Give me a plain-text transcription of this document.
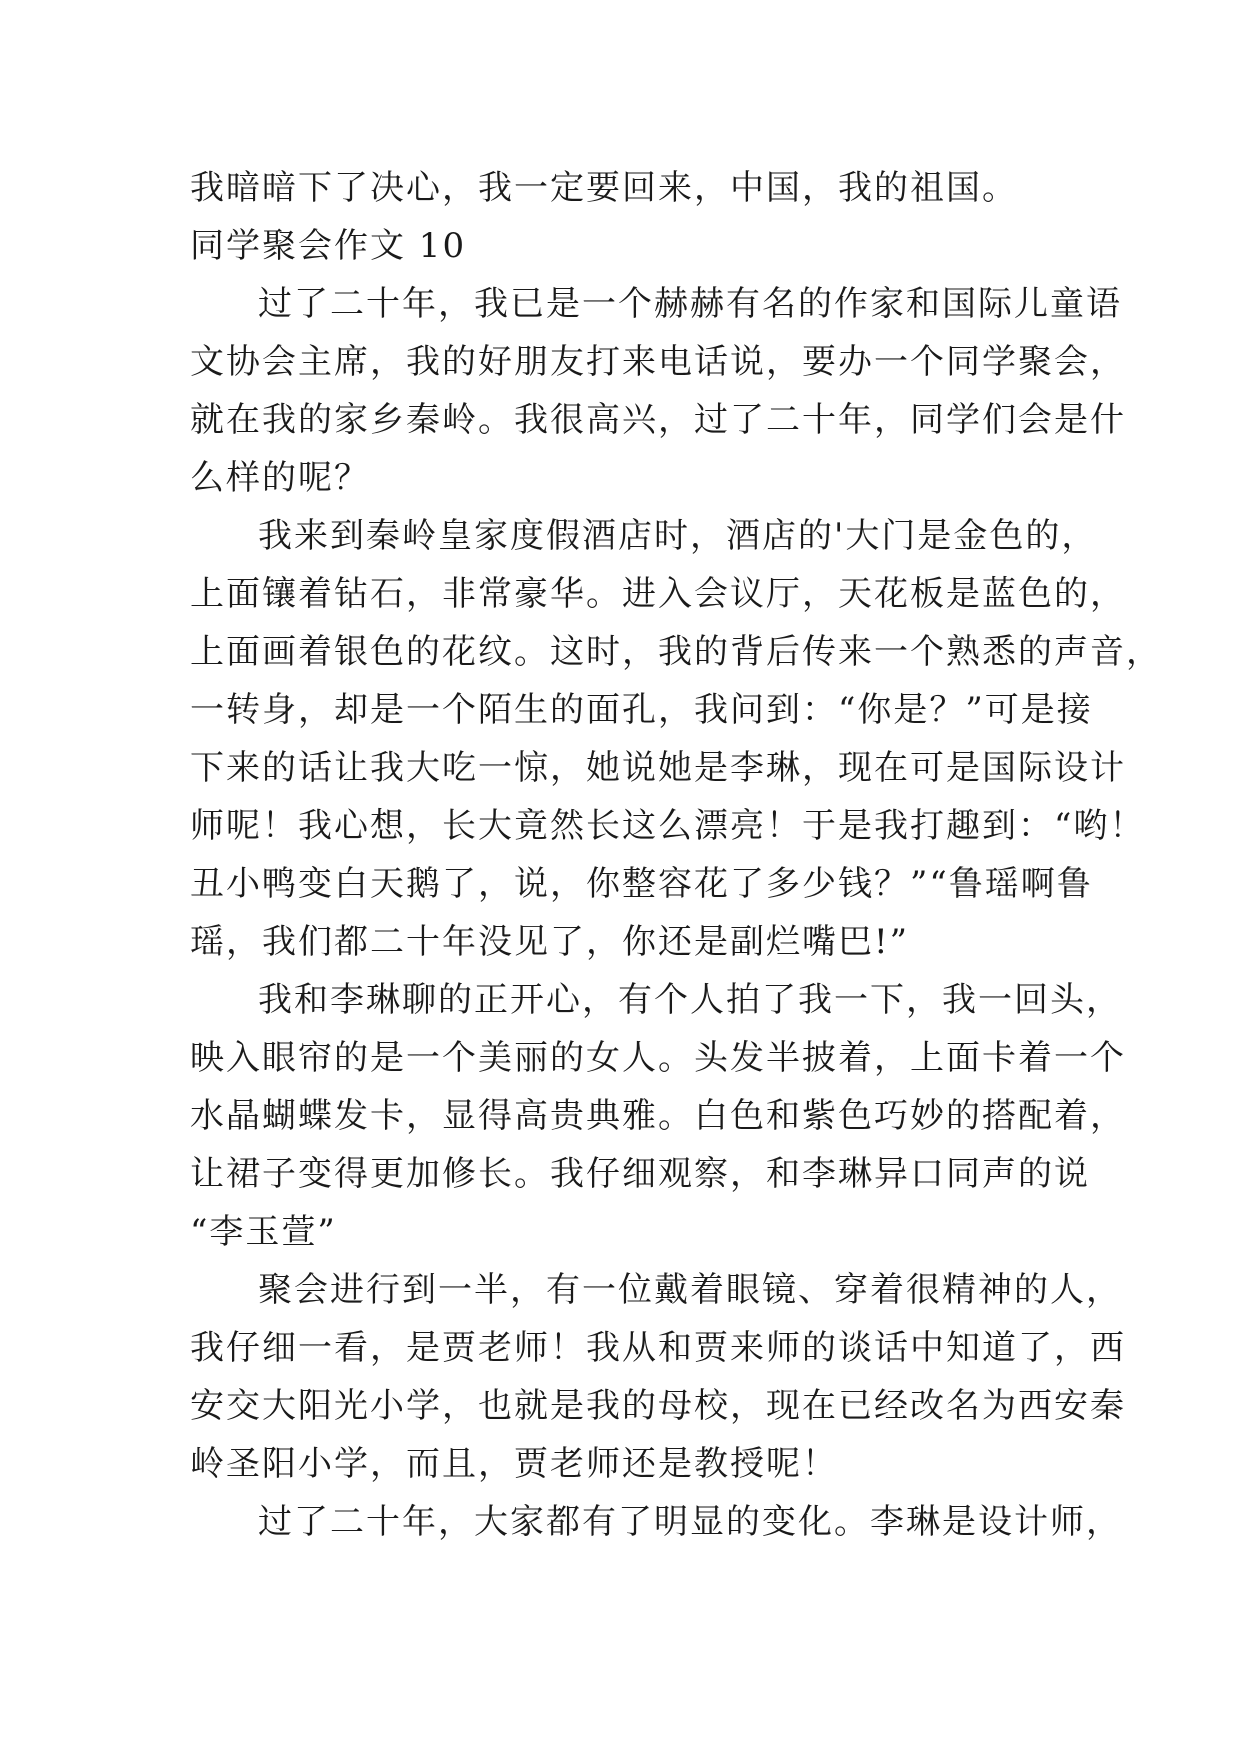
我暗暗下了决心，我一定要回来，中国，我的祖国。
同学聚会作文 10
过了二十年，我已是一个赫赫有名的作家和国际儿童语
文协会主席，我的好朋友打来电话说，要办一个同学聚会，
就在我的家乡秦岭。我很高兴，过了二十年，同学们会是什
么样的呢？
我来到秦岭皇家度假酒店时，酒店的'大门是金色的，
上面镶着钻石，非常豪华。进入会议厅，天花板是蓝色的，
上面画着银色的花纹。这时，我的背后传来一个熟悉的声音，
一转身，却是一个陌生的面孔，我问到：“你是？”可是接
下来的话让我大吃一惊，她说她是李琳，现在可是国际设计
师呢！我心想，长大竟然长这么漂亮！于是我打趣到：“哟！
丑小鸭变白天鹅了，说，你整容花了多少钱？”“鲁瑶啊鲁
瑶，我们都二十年没见了，你还是副烂嘴巴!”
我和李琳聊的正开心，有个人拍了我一下，我一回头，
映入眼帘的是一个美丽的女人。头发半披着，上面卡着一个
水晶蝴蝶发卡，显得高贵典雅。白色和紫色巧妙的搭配着，
让裙子变得更加修长。我仔细观察，和李琳异口同声的说
“李玉萱”
聚会进行到一半，有一位戴着眼镜、穿着很精神的人，
我仔细一看，是贾老师！我从和贾来师的谈话中知道了，西
安交大阳光小学，也就是我的母校，现在已经改名为西安秦
岭圣阳小学，而且，贾老师还是教授呢！
过了二十年，大家都有了明显的变化。李琳是设计师，
